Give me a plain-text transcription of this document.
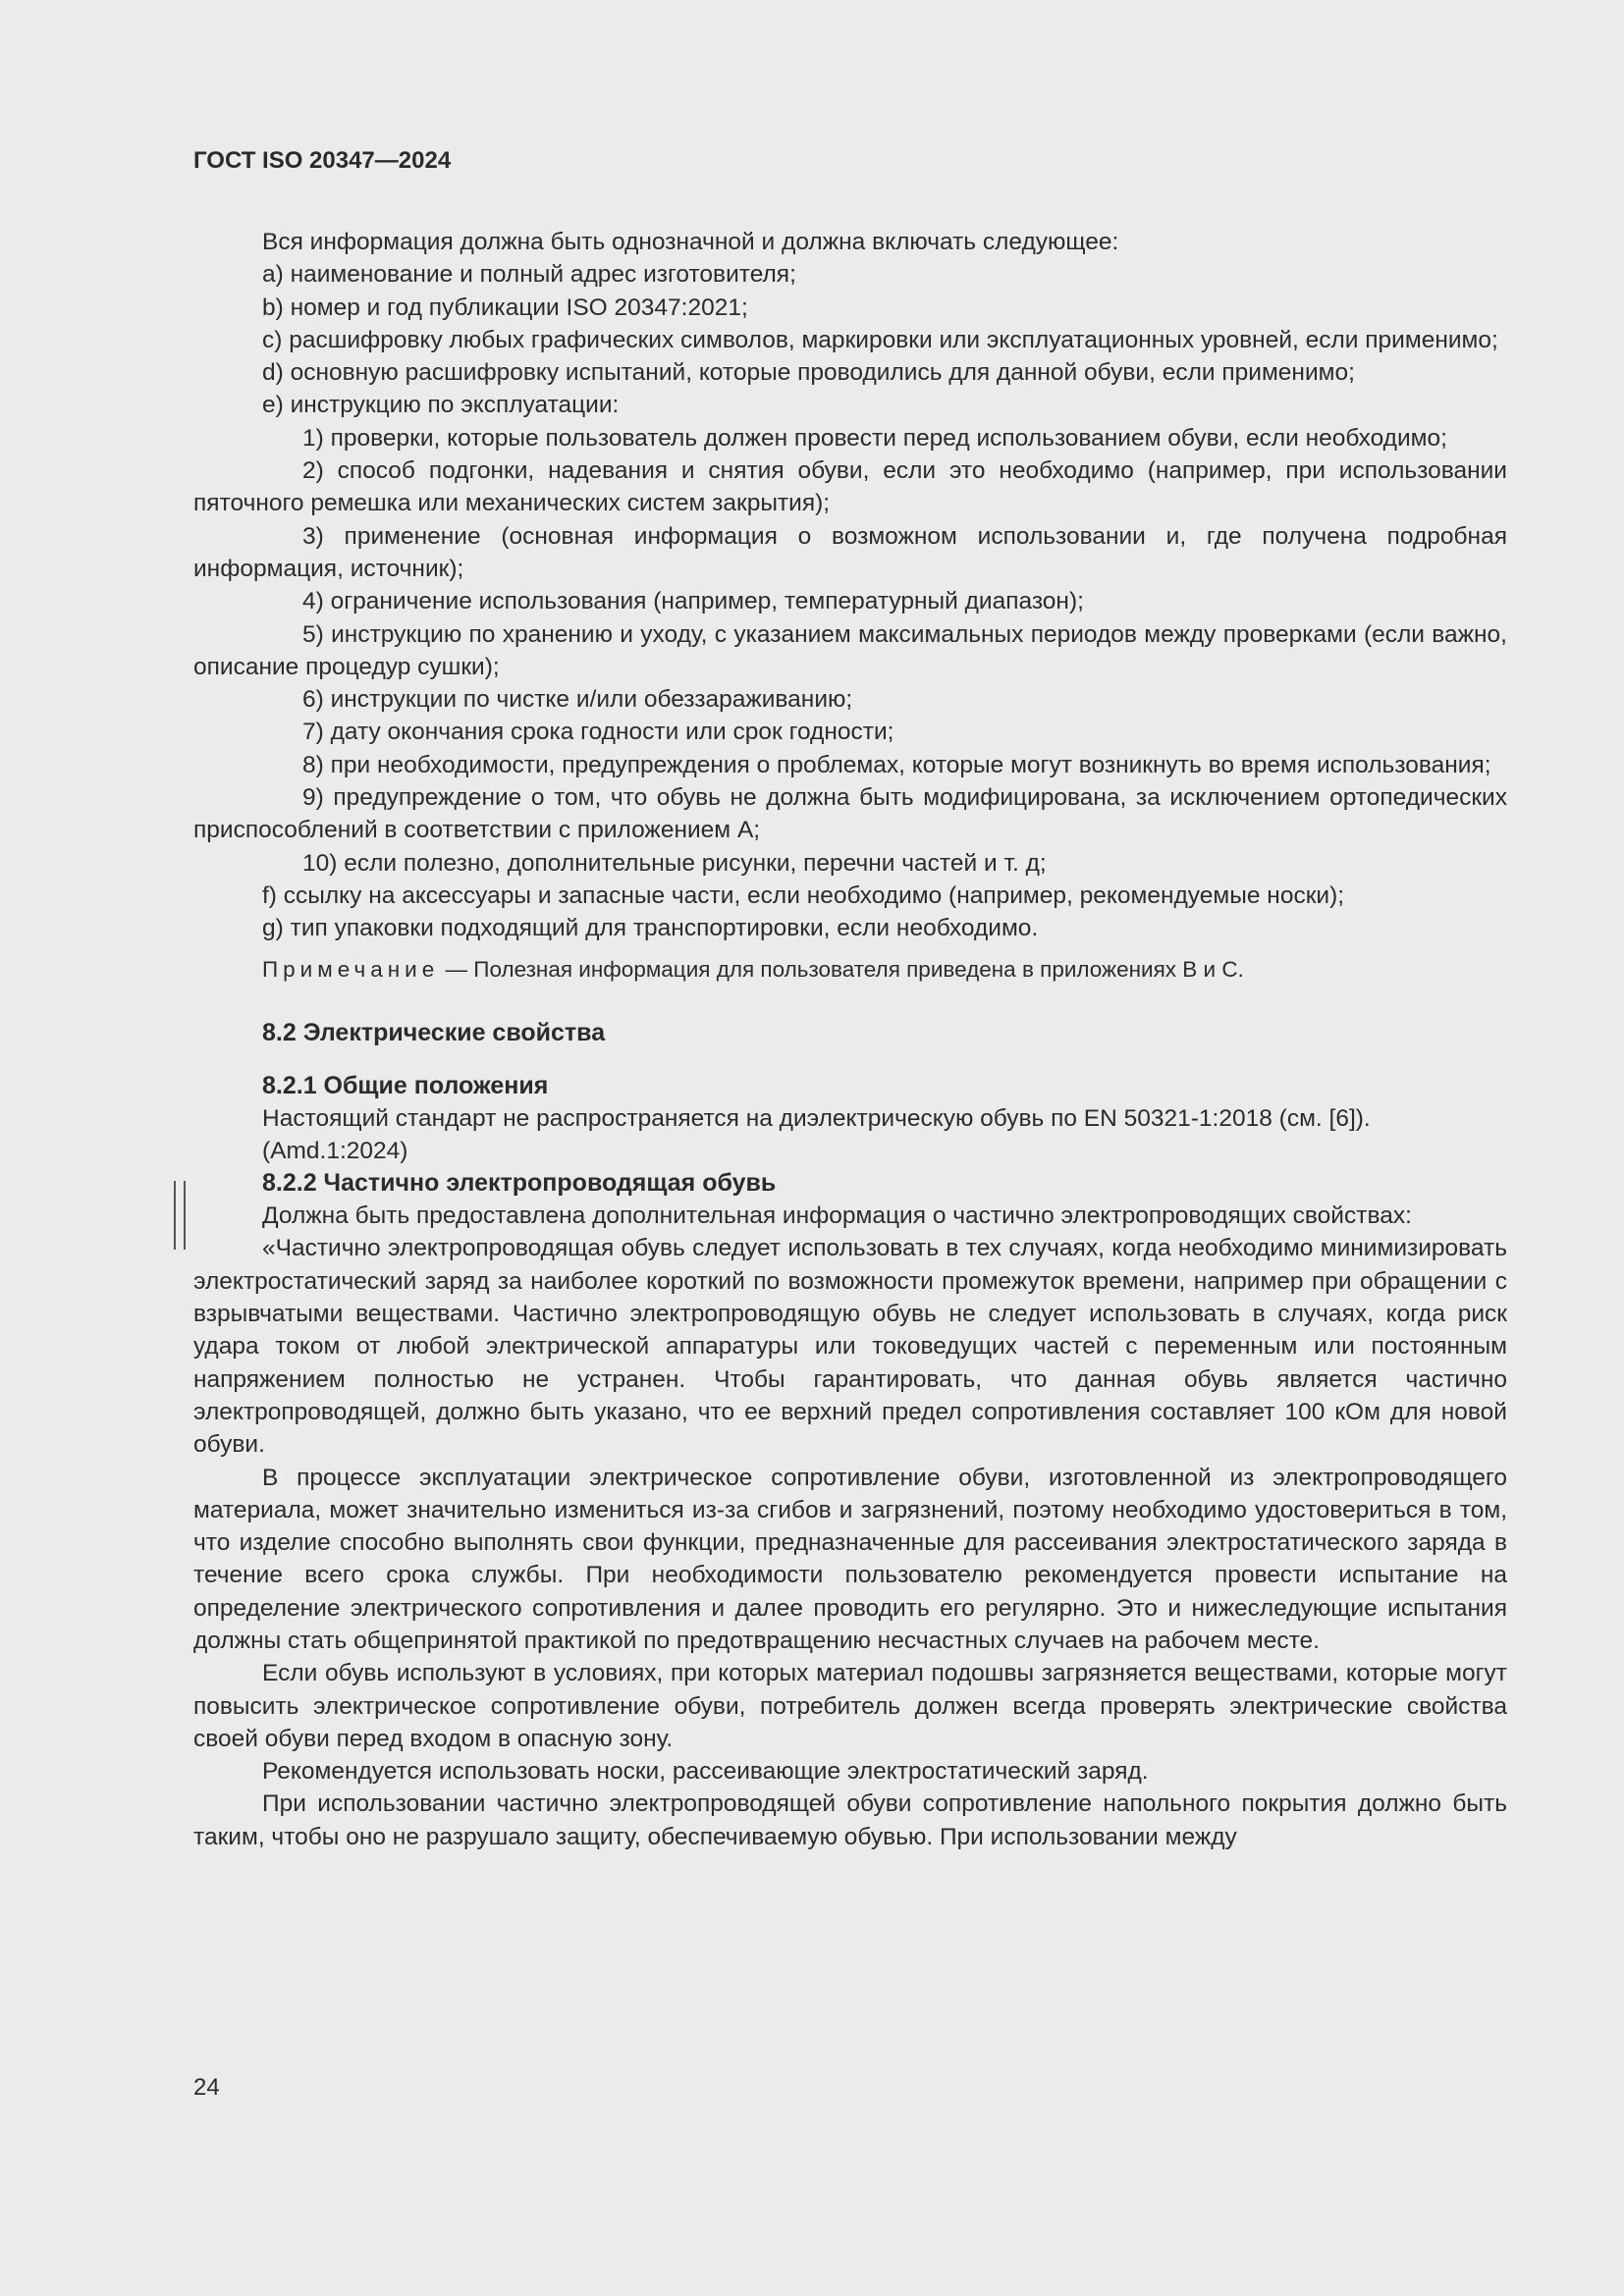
ГОСТ ISO 20347—2024

Вся информация должна быть однозначной и должна включать следующее:

a) наименование и полный адрес изготовителя;

b) номер и год публикации ISO 20347:2021;

c) расшифровку любых графических символов, маркировки или эксплуатационных уровней, если применимо;

d) основную расшифровку испытаний, которые проводились для данной обуви, если применимо;

e) инструкцию по эксплуатации:

1) проверки, которые пользователь должен провести перед использованием обуви, если необходимо;

2) способ подгонки, надевания и снятия обуви, если это необходимо (например, при использовании пяточного ремешка или механических систем закрытия);

3) применение (основная информация о возможном использовании и, где получена подробная информация, источник);

4) ограничение использования (например, температурный диапазон);

5) инструкцию по хранению и уходу, с указанием максимальных периодов между проверками (если важно, описание процедур сушки);

6) инструкции по чистке и/или обеззараживанию;

7) дату окончания срока годности или срок годности;

8) при необходимости, предупреждения о проблемах, которые могут возникнуть во время использования;

9) предупреждение о том, что обувь не должна быть модифицирована, за исключением ортопедических приспособлений в соответствии с приложением A;

10) если полезно, дополнительные рисунки, перечни частей и т. д;

f) ссылку на аксессуары и запасные части, если необходимо (например, рекомендуемые носки);

g) тип упаковки подходящий для транспортировки, если необходимо.

Примечание — Полезная информация для пользователя приведена в приложениях B и C.

8.2 Электрические свойства

8.2.1 Общие положения

Настоящий стандарт не распространяется на диэлектрическую обувь по EN 50321-1:2018 (см. [6]).

(Amd.1:2024)

8.2.2 Частично электропроводящая обувь

Должна быть предоставлена дополнительная информация о частично электропроводящих свойствах:

«Частично электропроводящая обувь следует использовать в тех случаях, когда необходимо минимизировать электростатический заряд за наиболее короткий по возможности промежуток времени, например при обращении с взрывчатыми веществами. Частично электропроводящую обувь не следует использовать в случаях, когда риск удара током от любой электрической аппаратуры или токоведущих частей с переменным или постоянным напряжением полностью не устранен. Чтобы гарантировать, что данная обувь является частично электропроводящей, должно быть указано, что ее верхний предел сопротивления составляет 100 кОм для новой обуви.

В процессе эксплуатации электрическое сопротивление обуви, изготовленной из электропроводящего материала, может значительно измениться из-за сгибов и загрязнений, поэтому необходимо удостовериться в том, что изделие способно выполнять свои функции, предназначенные для рассеивания электростатического заряда в течение всего срока службы. При необходимости пользователю рекомендуется провести испытание на определение электрического сопротивления и далее проводить его регулярно. Это и нижеследующие испытания должны стать общепринятой практикой по предотвращению несчастных случаев на рабочем месте.

Если обувь используют в условиях, при которых материал подошвы загрязняется веществами, которые могут повысить электрическое сопротивление обуви, потребитель должен всегда проверять электрические свойства своей обуви перед входом в опасную зону.

Рекомендуется использовать носки, рассеивающие электростатический заряд.

При использовании частично электропроводящей обуви сопротивление напольного покрытия должно быть таким, чтобы оно не разрушало защиту, обеспечиваемую обувью. При использовании между

24
